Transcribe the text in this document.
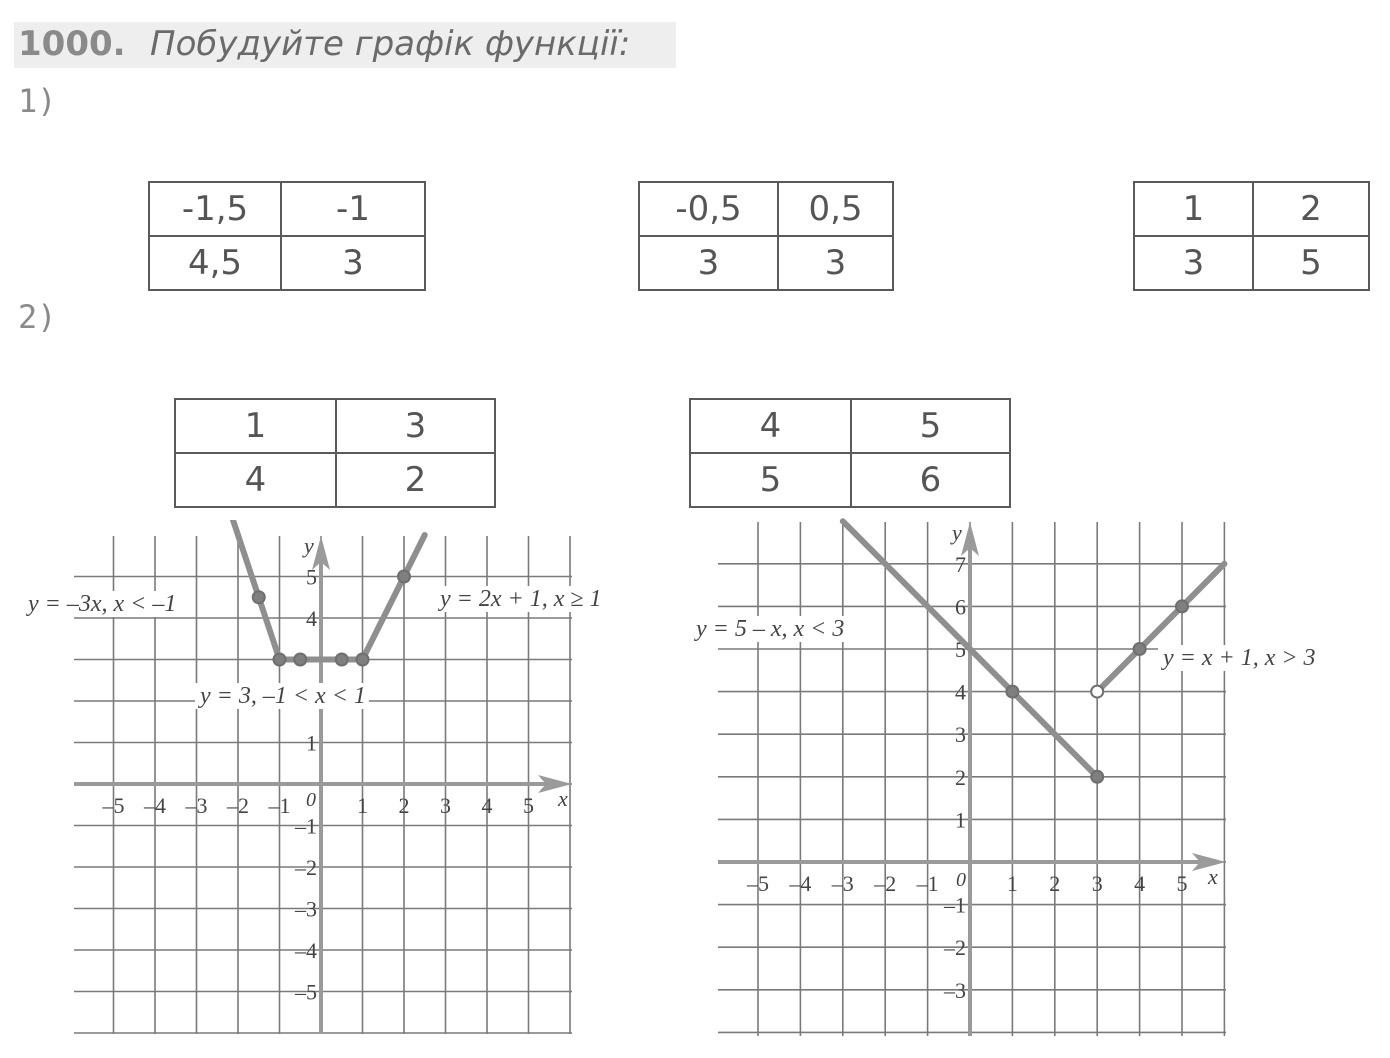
1000. Побудуйте графік функції:
1)
2)
-1,5	-1
4,5	3
-0,5	0,5
3	3
1	2
3	5
1	3
4	2
4	5
5	6
x
y
0
–5 –4 –3 –2 –1	1 2 3 4 5
–5
–4
–3
–2
–1
1
4
5
y = –3x, x < –1	y = 2x + 1, x ≥ 1
y = 3, –1 < x < 1
x
y
0
–5 –4 –3 –2 –1	1 2 3 4 5
–3
–2
–1
1
2
3
4
5
6
7
y = 5 – x, x < 3
y = x + 1, x > 3
